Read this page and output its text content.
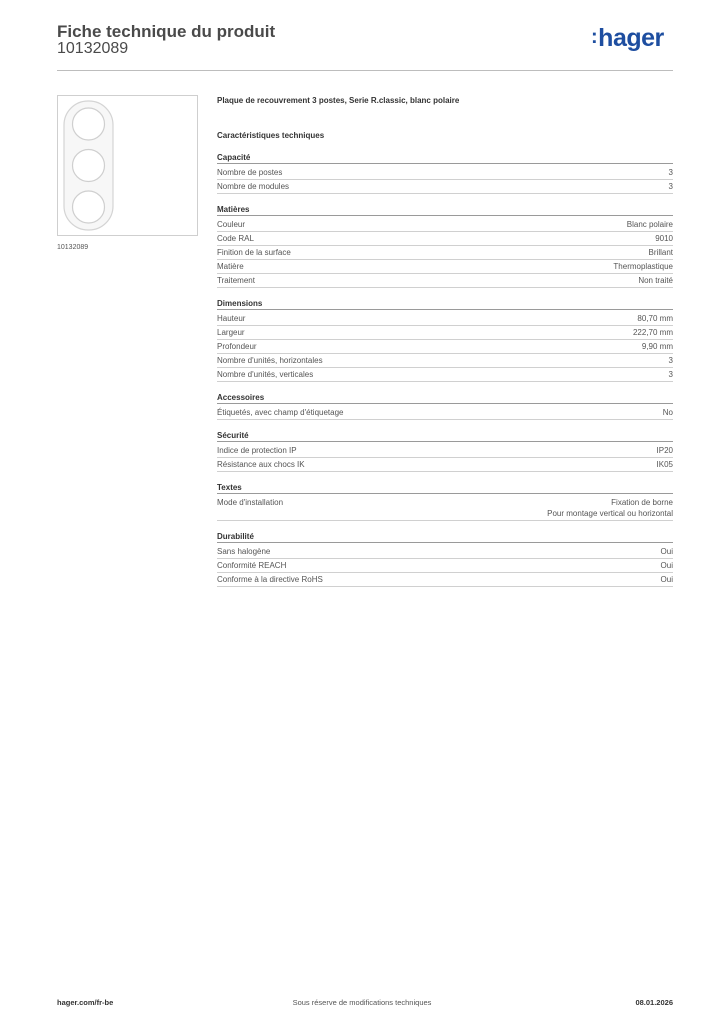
Fiche technique du produit
10132089
:hager
10132089
Plaque de recouvrement 3 postes, Serie R.classic, blanc polaire
Caractéristiques techniques
Capacité
Nombre de postes	3
Nombre de modules	3
Matières
Couleur	Blanc polaire
Code RAL	9010
Finition de la surface	Brillant
Matière	Thermoplastique
Traitement	Non traité
Dimensions
Hauteur	80,70 mm
Largeur	222,70 mm
Profondeur	9,90 mm
Nombre d'unités, horizontales	3
Nombre d'unités, verticales	3
Accessoires
Étiquetés, avec champ d'étiquetage	No
Sécurité
Indice de protection IP	IP20
Résistance aux chocs IK	IK05
Textes
Mode d'installation	Fixation de borne
Pour montage vertical ou horizontal
Durabilité
Sans halogène	Oui
Conformité REACH	Oui
Conforme à la directive RoHS	Oui
hager.com/fr-be	Sous réserve de modifications techniques	08.01.2026
